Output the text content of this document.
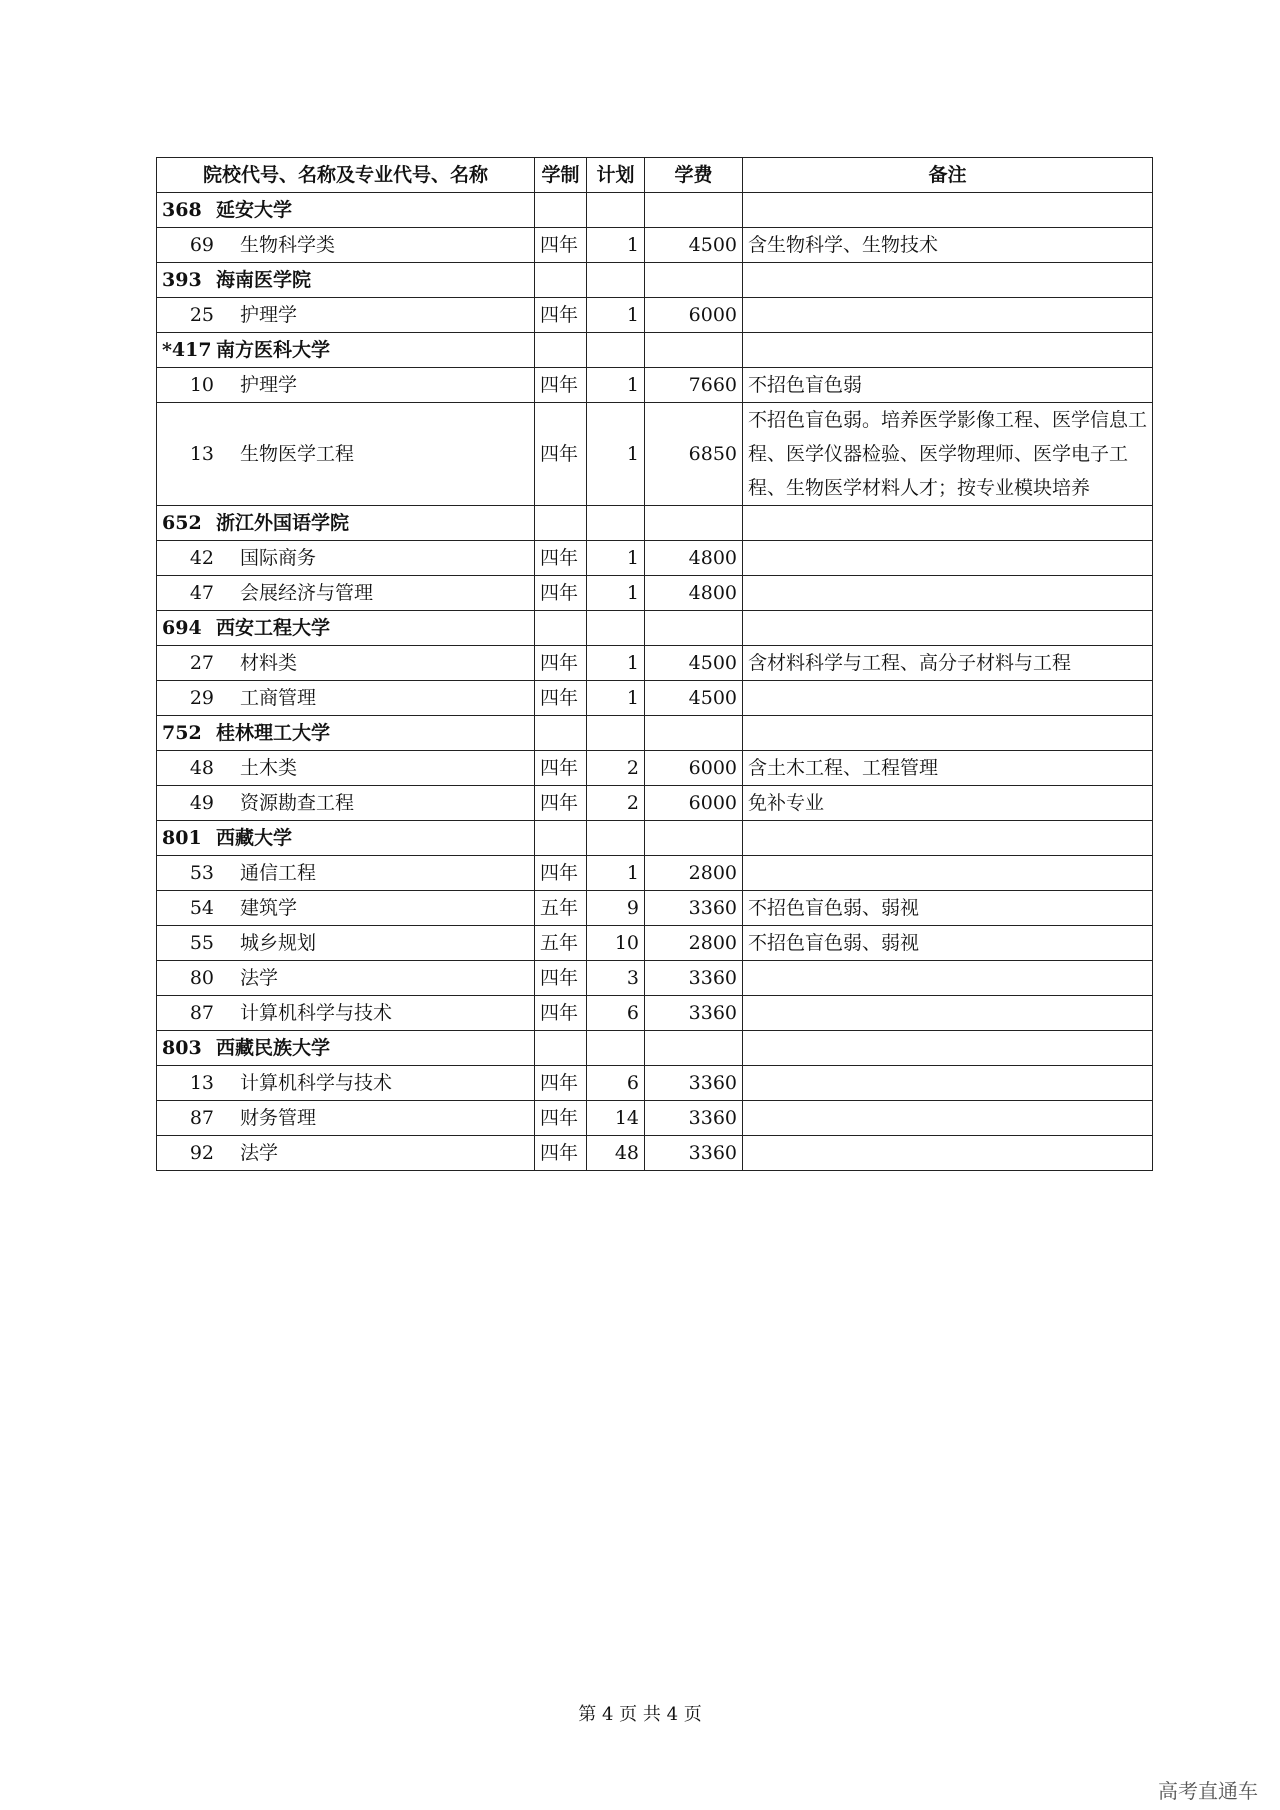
院校代号、名称及专业代号、名称	学制	计划	学费	备注
368 延安大学				
69 生物科学类	四年	1	4500	含生物科学、生物技术
393 海南医学院				
25 护理学	四年	1	6000	
*417 南方医科大学				
10 护理学	四年	1	7660	不招色盲色弱
13 生物医学工程	四年	1	6850	不招色盲色弱。培养医学影像工程、医学信息工程、医学仪器检验、医学物理师、医学电子工程、生物医学材料人才；按专业模块培养
652 浙江外国语学院				
42 国际商务	四年	1	4800	
47 会展经济与管理	四年	1	4800	
694 西安工程大学				
27 材料类	四年	1	4500	含材料科学与工程、高分子材料与工程
29 工商管理	四年	1	4500	
752 桂林理工大学				
48 土木类	四年	2	6000	含土木工程、工程管理
49 资源勘查工程	四年	2	6000	免补专业
801 西藏大学				
53 通信工程	四年	1	2800	
54 建筑学	五年	9	3360	不招色盲色弱、弱视
55 城乡规划	五年	10	2800	不招色盲色弱、弱视
80 法学	四年	3	3360	
87 计算机科学与技术	四年	6	3360	
803 西藏民族大学				
13 计算机科学与技术	四年	6	3360	
87 财务管理	四年	14	3360	
92 法学	四年	48	3360	
第 4 页 共 4 页
高考直通车
